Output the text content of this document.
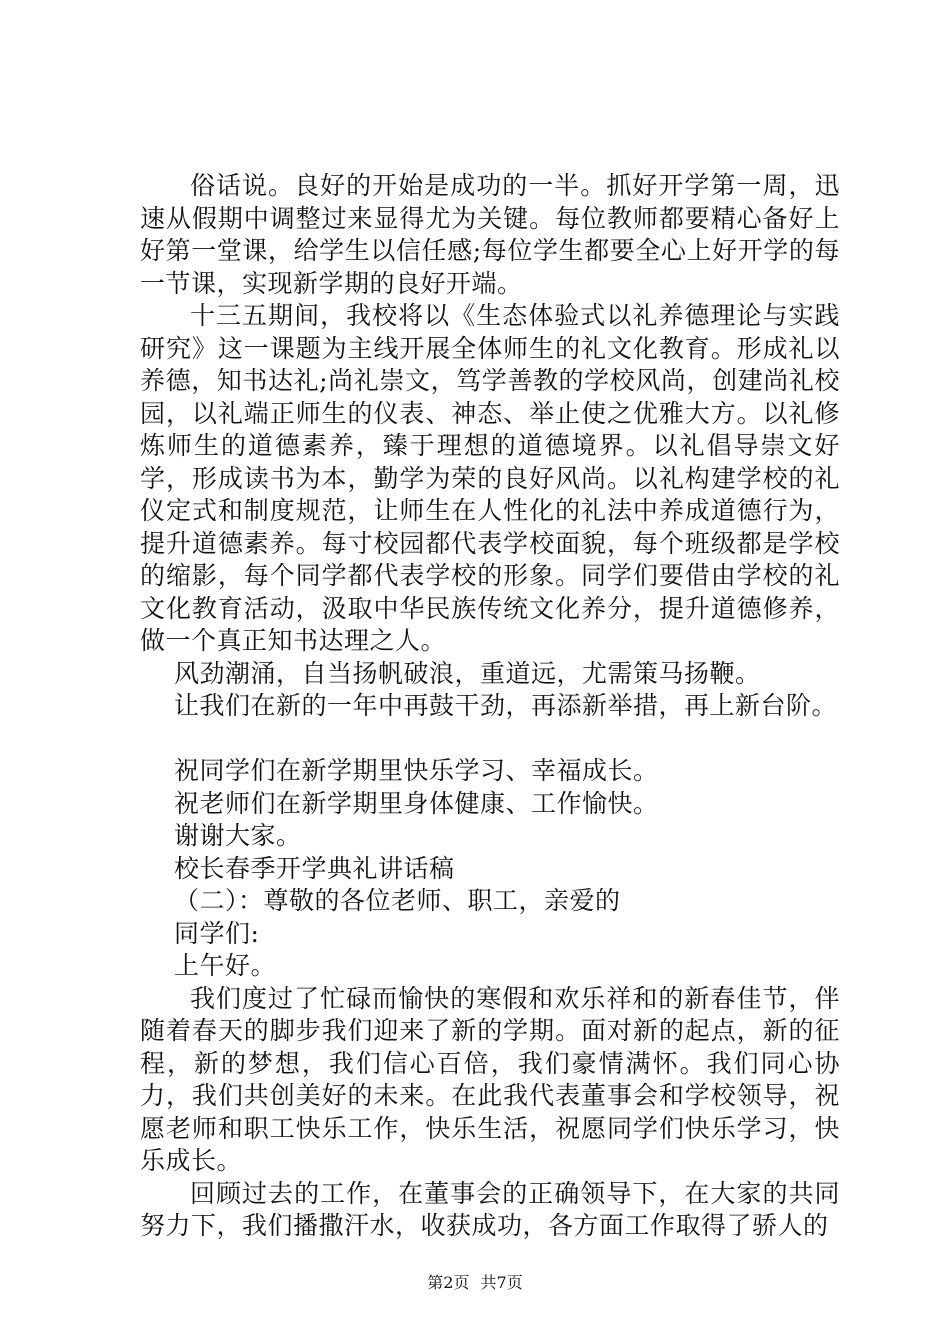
俗话说。良好的开始是成功的一半。抓好开学第一周，迅速从假期中调整过来显得尤为关键。每位教师都要精心备好上好第一堂课，给学生以信任感;每位学生都要全心上好开学的每一节课，实现新学期的良好开端。

十三五期间，我校将以《生态体验式以礼养德理论与实践研究》这一课题为主线开展全体师生的礼文化教育。形成礼以养德，知书达礼;尚礼崇文，笃学善教的学校风尚，创建尚礼校园，以礼端正师生的仪表、神态、举止使之优雅大方。以礼修炼师生的道德素养，臻于理想的道德境界。以礼倡导崇文好学，形成读书为本，勤学为荣的良好风尚。以礼构建学校的礼仪定式和制度规范，让师生在人性化的礼法中养成道德行为，提升道德素养。每寸校园都代表学校面貌，每个班级都是学校的缩影，每个同学都代表学校的形象。同学们要借由学校的礼文化教育活动，汲取中华民族传统文化养分，提升道德修养，做一个真正知书达理之人。

风劲潮涌，自当扬帆破浪，重道远，尤需策马扬鞭。

让我们在新的一年中再鼓干劲，再添新举措，再上新台阶。

祝同学们在新学期里快乐学习、幸福成长。

祝老师们在新学期里身体健康、工作愉快。

谢谢大家。

校长春季开学典礼讲话稿

（二）：尊敬的各位老师、职工，亲爱的

同学们:

上午好。

我们度过了忙碌而愉快的寒假和欢乐祥和的新春佳节，伴随着春天的脚步我们迎来了新的学期。面对新的起点，新的征程，新的梦想，我们信心百倍，我们豪情满怀。我们同心协力，我们共创美好的未来。在此我代表董事会和学校领导，祝愿老师和职工快乐工作，快乐生活，祝愿同学们快乐学习，快乐成长。

回顾过去的工作，在董事会的正确领导下，在大家的共同努力下，我们播撒汗水，收获成功，各方面工作取得了骄人的

第2页 共7页
